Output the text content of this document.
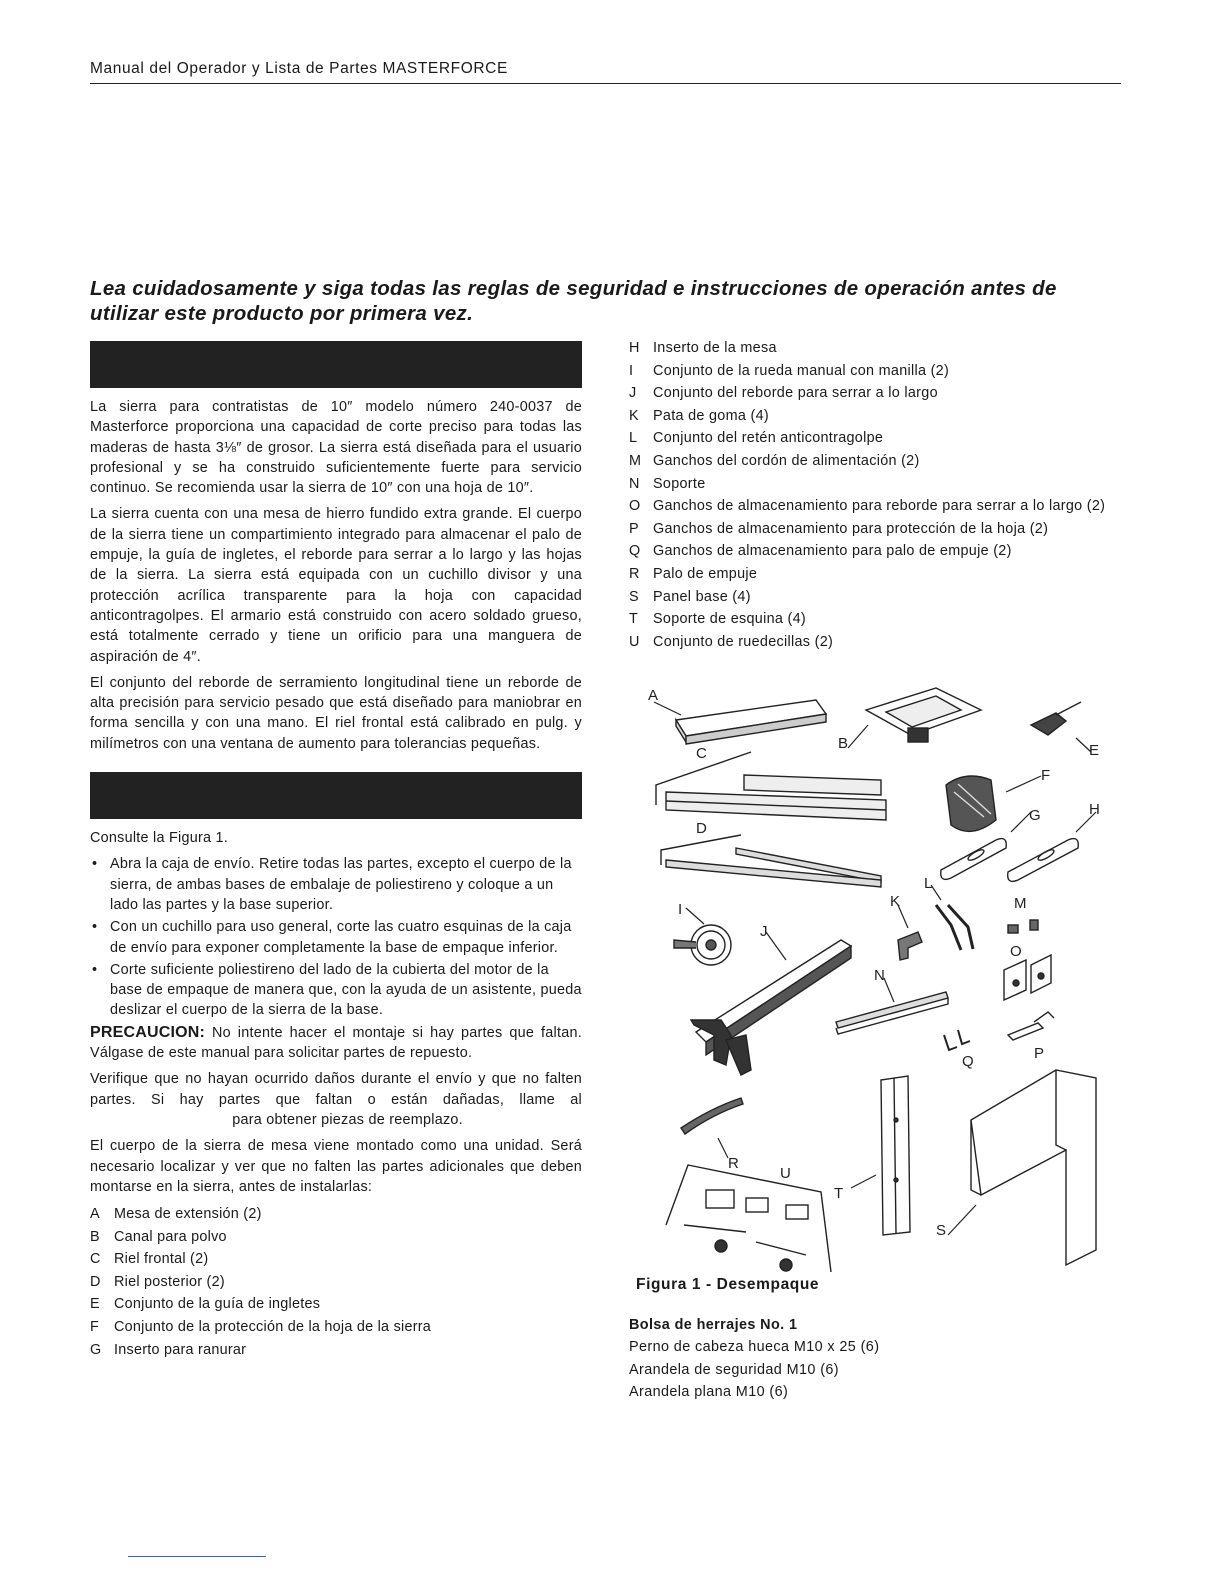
Manual del Operador y Lista de Partes MASTERFORCE
Lea cuidadosamente y siga todas las reglas de seguridad e instrucciones de operación antes de utilizar este producto por primera vez.

La sierra para contratistas de 10″ modelo número 240-0037 de Masterforce proporciona una capacidad de corte preciso para todas las maderas de hasta 3⅛″ de grosor. La sierra está diseñada para el usuario profesional y se ha construido suficientemente fuerte para servicio continuo. Se recomienda usar la sierra de 10″ con una hoja de 10″.

La sierra cuenta con una mesa de hierro fundido extra grande. El cuerpo de la sierra tiene un compartimiento integrado para almacenar el palo de empuje, la guía de ingletes, el reborde para serrar a lo largo y las hojas de la sierra. La sierra está equipada con un cuchillo divisor y una protección acrílica transparente para la hoja con capacidad anticontragolpes. El armario está construido con acero soldado grueso, está totalmente cerrado y tiene un orificio para una manguera de aspiración de 4″.

El conjunto del reborde de serramiento longitudinal tiene un reborde de alta precisión para servicio pesado que está diseñado para maniobrar en forma sencilla y con una mano. El riel frontal está calibrado en pulg. y milímetros con una ventana de aumento para tolerancias pequeñas.

Consulte la Figura 1.

• Abra la caja de envío. Retire todas las partes, excepto el cuerpo de la sierra, de ambas bases de embalaje de poliestireno y coloque a un lado las partes y la base superior.
• Con un cuchillo para uso general, corte las cuatro esquinas de la caja de envío para exponer completamente la base de empaque inferior.
• Corte suficiente poliestireno del lado de la cubierta del motor de la base de empaque de manera que, con la ayuda de un asistente, pueda deslizar el cuerpo de la sierra de la base.

PRECAUCION: No intente hacer el montaje si hay partes que faltan. Válgase de este manual para solicitar partes de repuesto.

Verifique que no hayan ocurrido daños durante el envío y que no falten partes. Si hay partes que faltan o están dañadas, llame al  para obtener piezas de reemplazo.

El cuerpo de la sierra de mesa viene montado como una unidad. Será necesario localizar y ver que no falten las partes adicionales que deben montarse en la sierra, antes de instalarlas:

A Mesa de extensión (2)
B Canal para polvo
C Riel frontal (2)
D Riel posterior (2)
E Conjunto de la guía de ingletes
F	Conjunto de la protección de la hoja de la sierra
G Inserto para ranurar
H Inserto de la mesa
I	Conjunto de la rueda manual con manilla (2)
J	Conjunto del reborde para serrar a lo largo
K Pata de goma (4)
L	Conjunto del retén anticontragolpe
M Ganchos del cordón de alimentación (2)
N Soporte
O Ganchos de almacenamiento para reborde para serrar a lo largo (2)
P Ganchos de almacenamiento para protección de la hoja (2)
Q Ganchos de almacenamiento para palo de empuje (2)
R Palo de empuje
S Panel base (4)
T	Soporte de esquina (4)
U Conjunto de ruedecillas (2)
A
B
C
D
E
F
G	H
I
J
K
L
M
N
O
P
Q
R
S
T
U
Figura 1 - Desempaque
Bolsa de herrajes No. 1
Perno de cabeza hueca M10 x 25 (6)
Arandela de seguridad M10 (6)
Arandela plana M10 (6)
